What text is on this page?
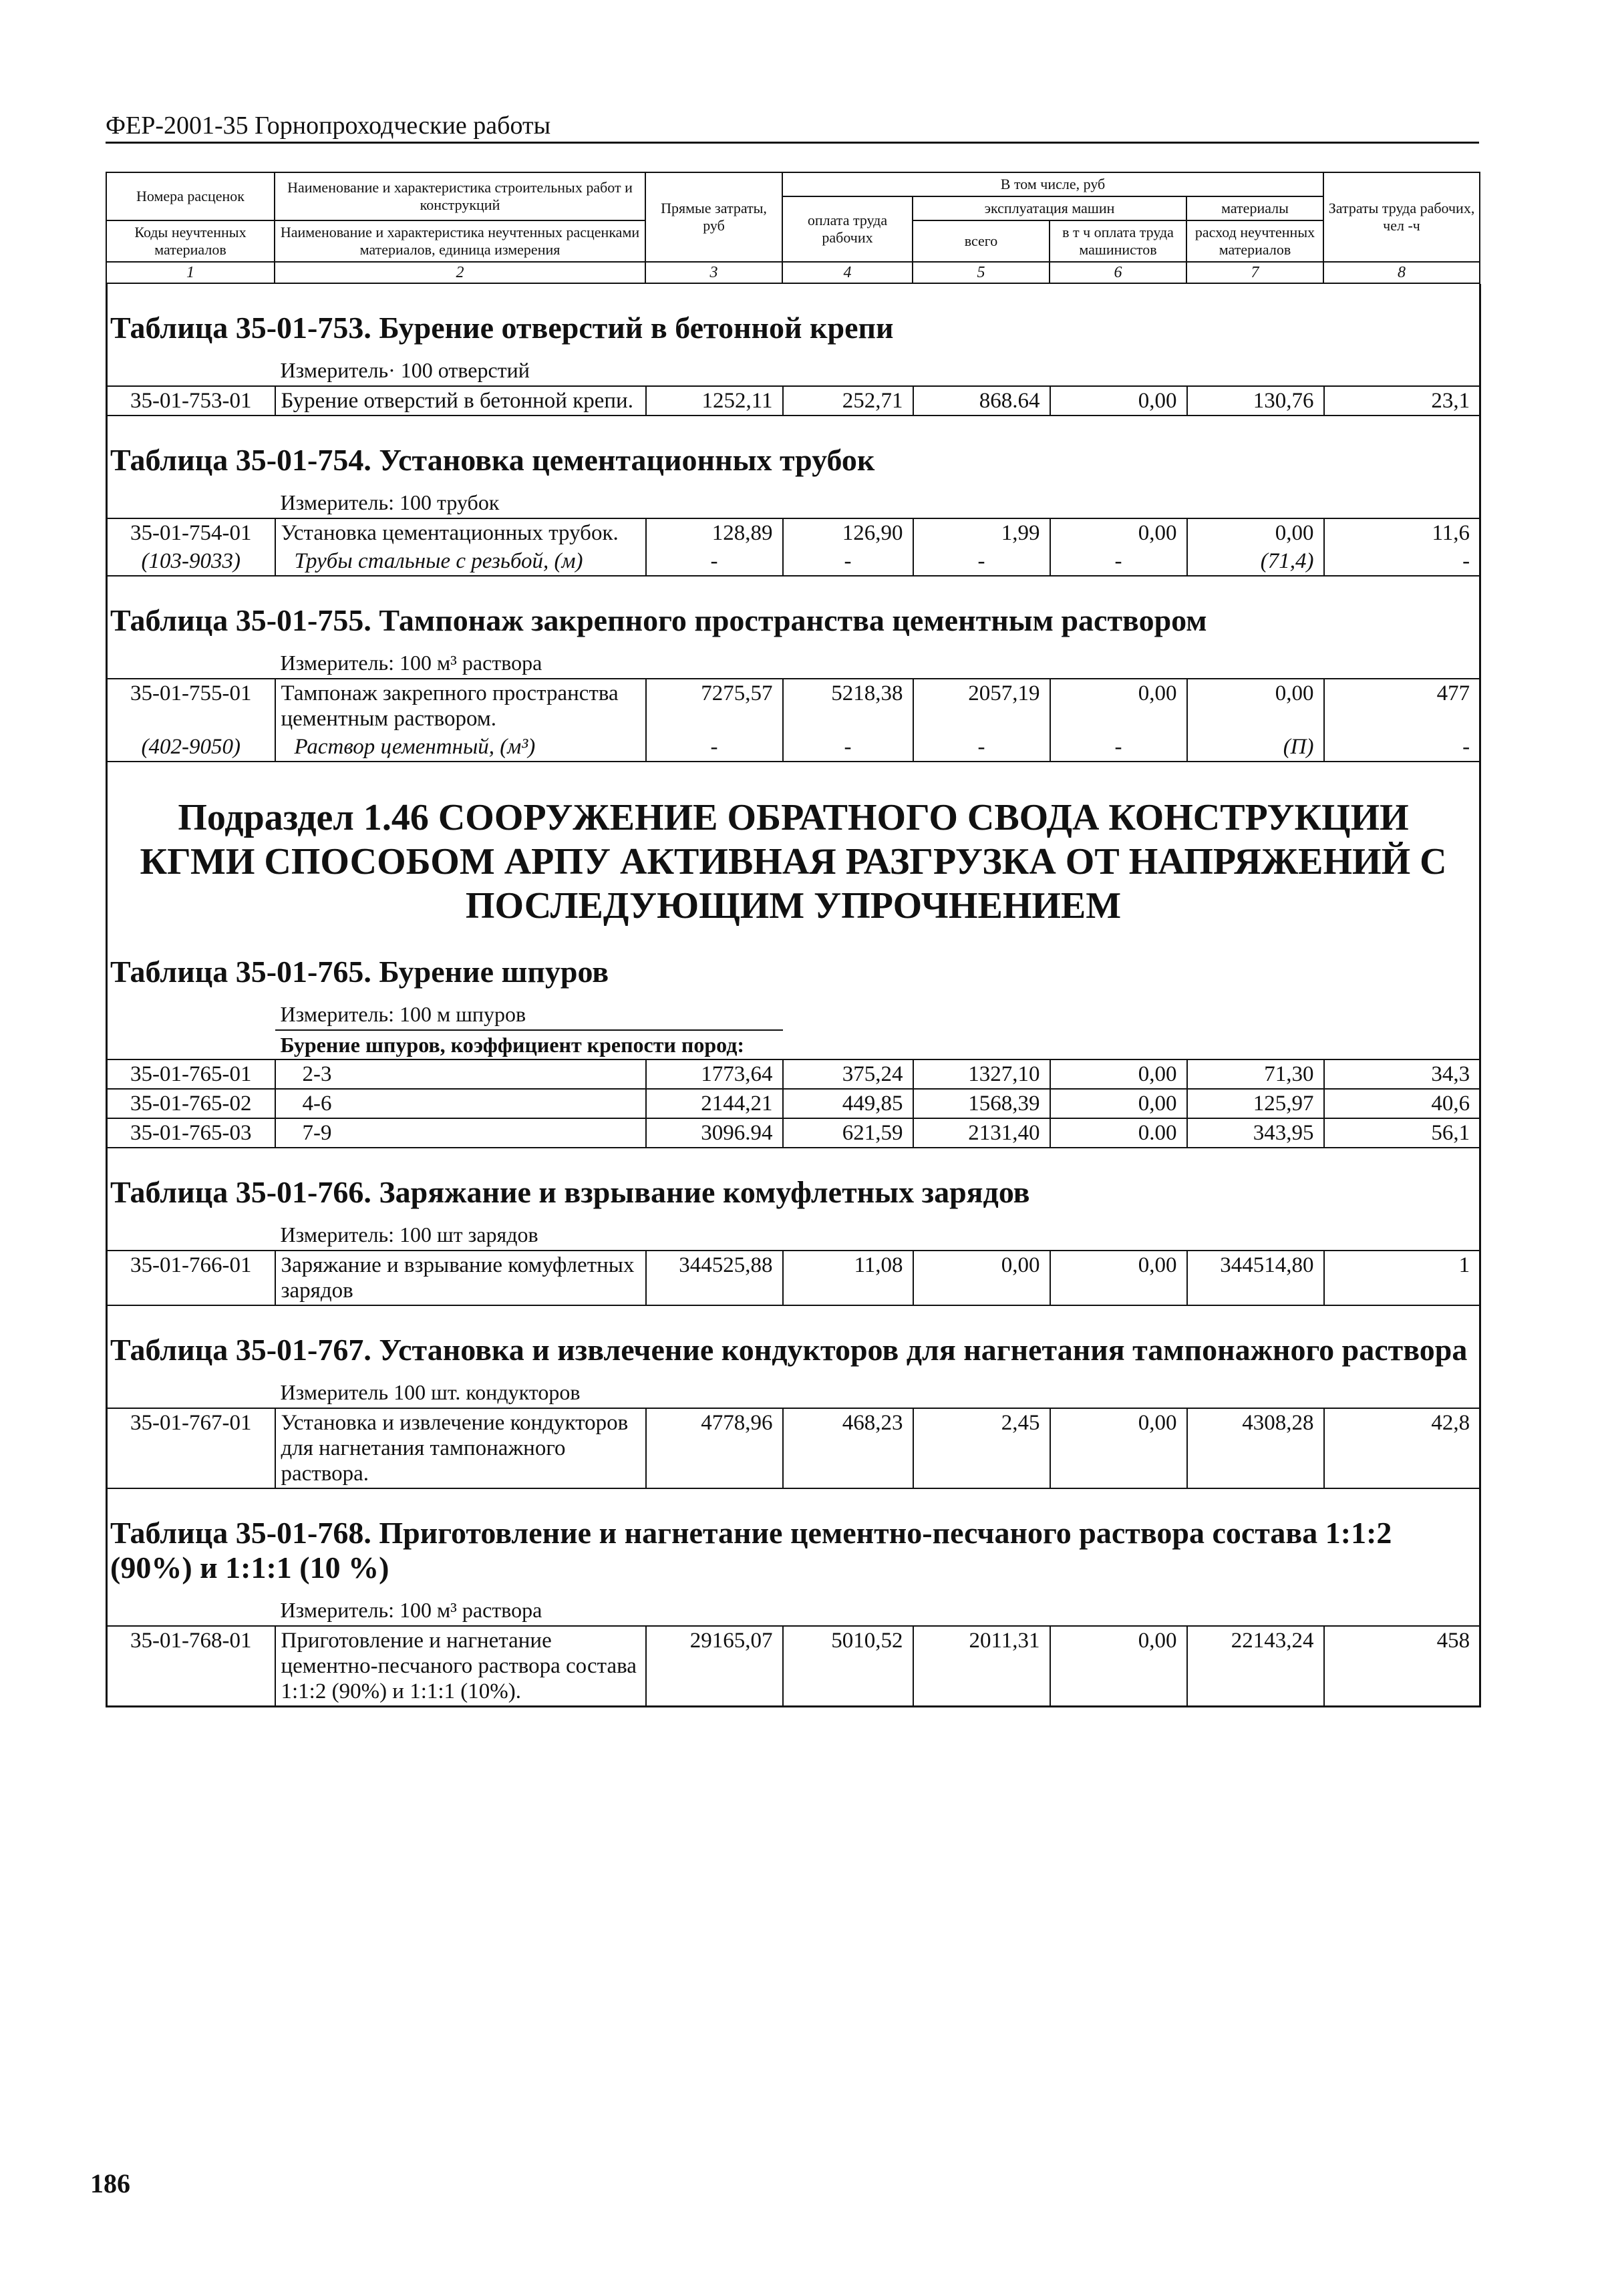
ФЕР-2001-35 Горнопроходческие работы
Номера расценок	Наименование и характеристика строительных работ и конструкций	Прямые затраты, руб	В том числе, руб				Затраты труда рабочих, чел -ч
			оплата труда рабочих	эксплуатация машин		материалы	
Коды неучтенных материалов	Наименование и характеристика неучтенных расценками материалов, единица измерения			всего	в т ч оплата труда машинистов	расход неучтенных материалов	

1	2	3	4	5	6	7	8
Таблица 35-01-753. Бурение отверстий в бетонной крепи							
	Измеритель· 100 отверстий						
35-01-753-01	Бурение отверстий в бетонной крепи.	1252,11	252,71	868.64	0,00	130,76	23,1
Таблица 35-01-754. Установка цементационных трубок							
	Измеритель: 100 трубок						
35-01-754-01	Установка цементационных трубок.	128,89	126,90	1,99	0,00	0,00	11,6
(103-9033)	Трубы стальные с резьбой, (м)	-	-	-	-	(71,4)	-
Таблица 35-01-755. Тампонаж закрепного пространства цементным раствором							
	Измеритель: 100 м³ раствора						
35-01-755-01	Тампонаж закрепного пространства цементным раствором.	7275,57	5218,38	2057,19	0,00	0,00	477
(402-9050)	Раствор цементный, (м³)	-	-	-	-	(П)	-
Подраздел 1.46 СООРУЖЕНИЕ ОБРАТНОГО СВОДА КОНСТРУКЦИИ КГМИ СПОСОБОМ АРПУ АКТИВНАЯ РАЗГРУЗКА ОТ НАПРЯЖЕНИЙ С ПОСЛЕДУЮЩИМ УПРОЧНЕНИЕМ							
Таблица 35-01-765. Бурение шпуров							
	Измеритель: 100 м шпуров						
	Бурение шпуров, коэффициент крепости пород:						
35-01-765-01	2-3	1773,64	375,24	1327,10	0,00	71,30	34,3
35-01-765-02	4-6	2144,21	449,85	1568,39	0,00	125,97	40,6
35-01-765-03	7-9	3096.94	621,59	2131,40	0.00	343,95	56,1
Таблица 35-01-766. Заряжание и взрывание комуфлетных зарядов							
	Измеритель: 100 шт зарядов						
35-01-766-01	Заряжание и взрывание комуфлетных зарядов	344525,88	11,08	0,00	0,00	344514,80	1
Таблица 35-01-767. Установка и извлечение кондукторов для нагнетания тампонажного раствора							
	Измеритель 100 шт. кондукторов						
35-01-767-01	Установка и извлечение кондукторов для нагнетания тампонажного раствора.	4778,96	468,23	2,45	0,00	4308,28	42,8
Таблица 35-01-768. Приготовление и нагнетание цементно-песчаного раствора состава 1:1:2 (90%) и 1:1:1 (10 %)							
	Измеритель: 100 м³ раствора						
35-01-768-01	Приготовление и нагнетание цементно-песчаного раствора состава 1:1:2 (90%) и 1:1:1 (10%).	29165,07	5010,52	2011,31	0,00	22143,24	458
186
